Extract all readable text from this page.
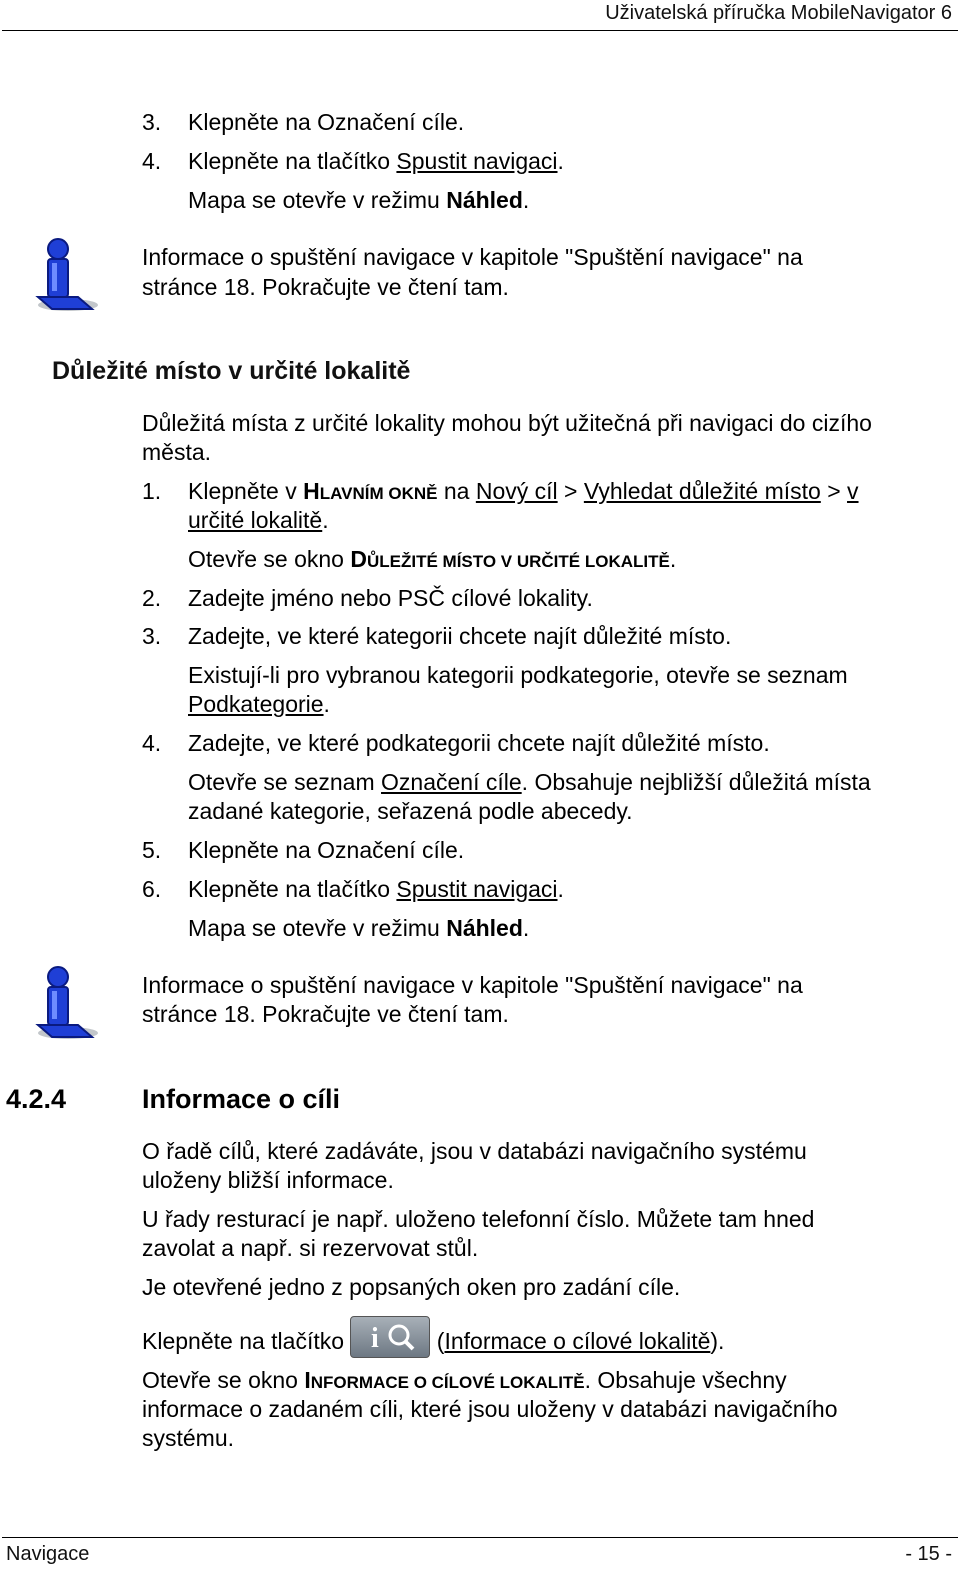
Uživatelská příručka MobileNavigator 6
3. Klepněte na Označení cíle.
4. Klepněte na tlačítko Spustit navigaci.
Mapa se otevře v režimu Náhled.
Informace o spuštění navigace v kapitole "Spuštění navigace" na
stránce 18. Pokračujte ve čtení tam.
Důležité místo v určité lokalitě
Důležitá místa z určité lokality mohou být užitečná při navigaci do cizího
města.
1. Klepněte v HLAVNÍM OKNĚ na Nový cíl > Vyhledat důležité místo > v
určité lokalitě.
Otevře se okno DŮLEŽITÉ MÍSTO V URČITÉ LOKALITĚ.
2. Zadejte jméno nebo PSČ cílové lokality.
3. Zadejte, ve které kategorii chcete najít důležité místo.
Existují-li pro vybranou kategorii podkategorie, otevře se seznam
Podkategorie.
4. Zadejte, ve které podkategorii chcete najít důležité místo.
Otevře se seznam Označení cíle. Obsahuje nejbližší důležitá místa
zadané kategorie, seřazená podle abecedy.
5. Klepněte na Označení cíle.
6. Klepněte na tlačítko Spustit navigaci.
Mapa se otevře v režimu Náhled.
Informace o spuštění navigace v kapitole "Spuštění navigace" na
stránce 18. Pokračujte ve čtení tam.
4.2.4	Informace o cíli
O řadě cílů, které zadáváte, jsou v databázi navigačního systému
uloženy bližší informace.
U řady resturací je např. uloženo telefonní číslo. Můžete tam hned
zavolat a např. si rezervovat stůl.
Je otevřené jedno z popsaných oken pro zadání cíle.
Klepněte na tlačítko i (Informace o cílové lokalitě).
Otevře se okno INFORMACE O CÍLOVÉ LOKALITĚ. Obsahuje všechny
informace o zadaném cíli, které jsou uloženy v databázi navigačního
systému.
Navigace	- 15 -
